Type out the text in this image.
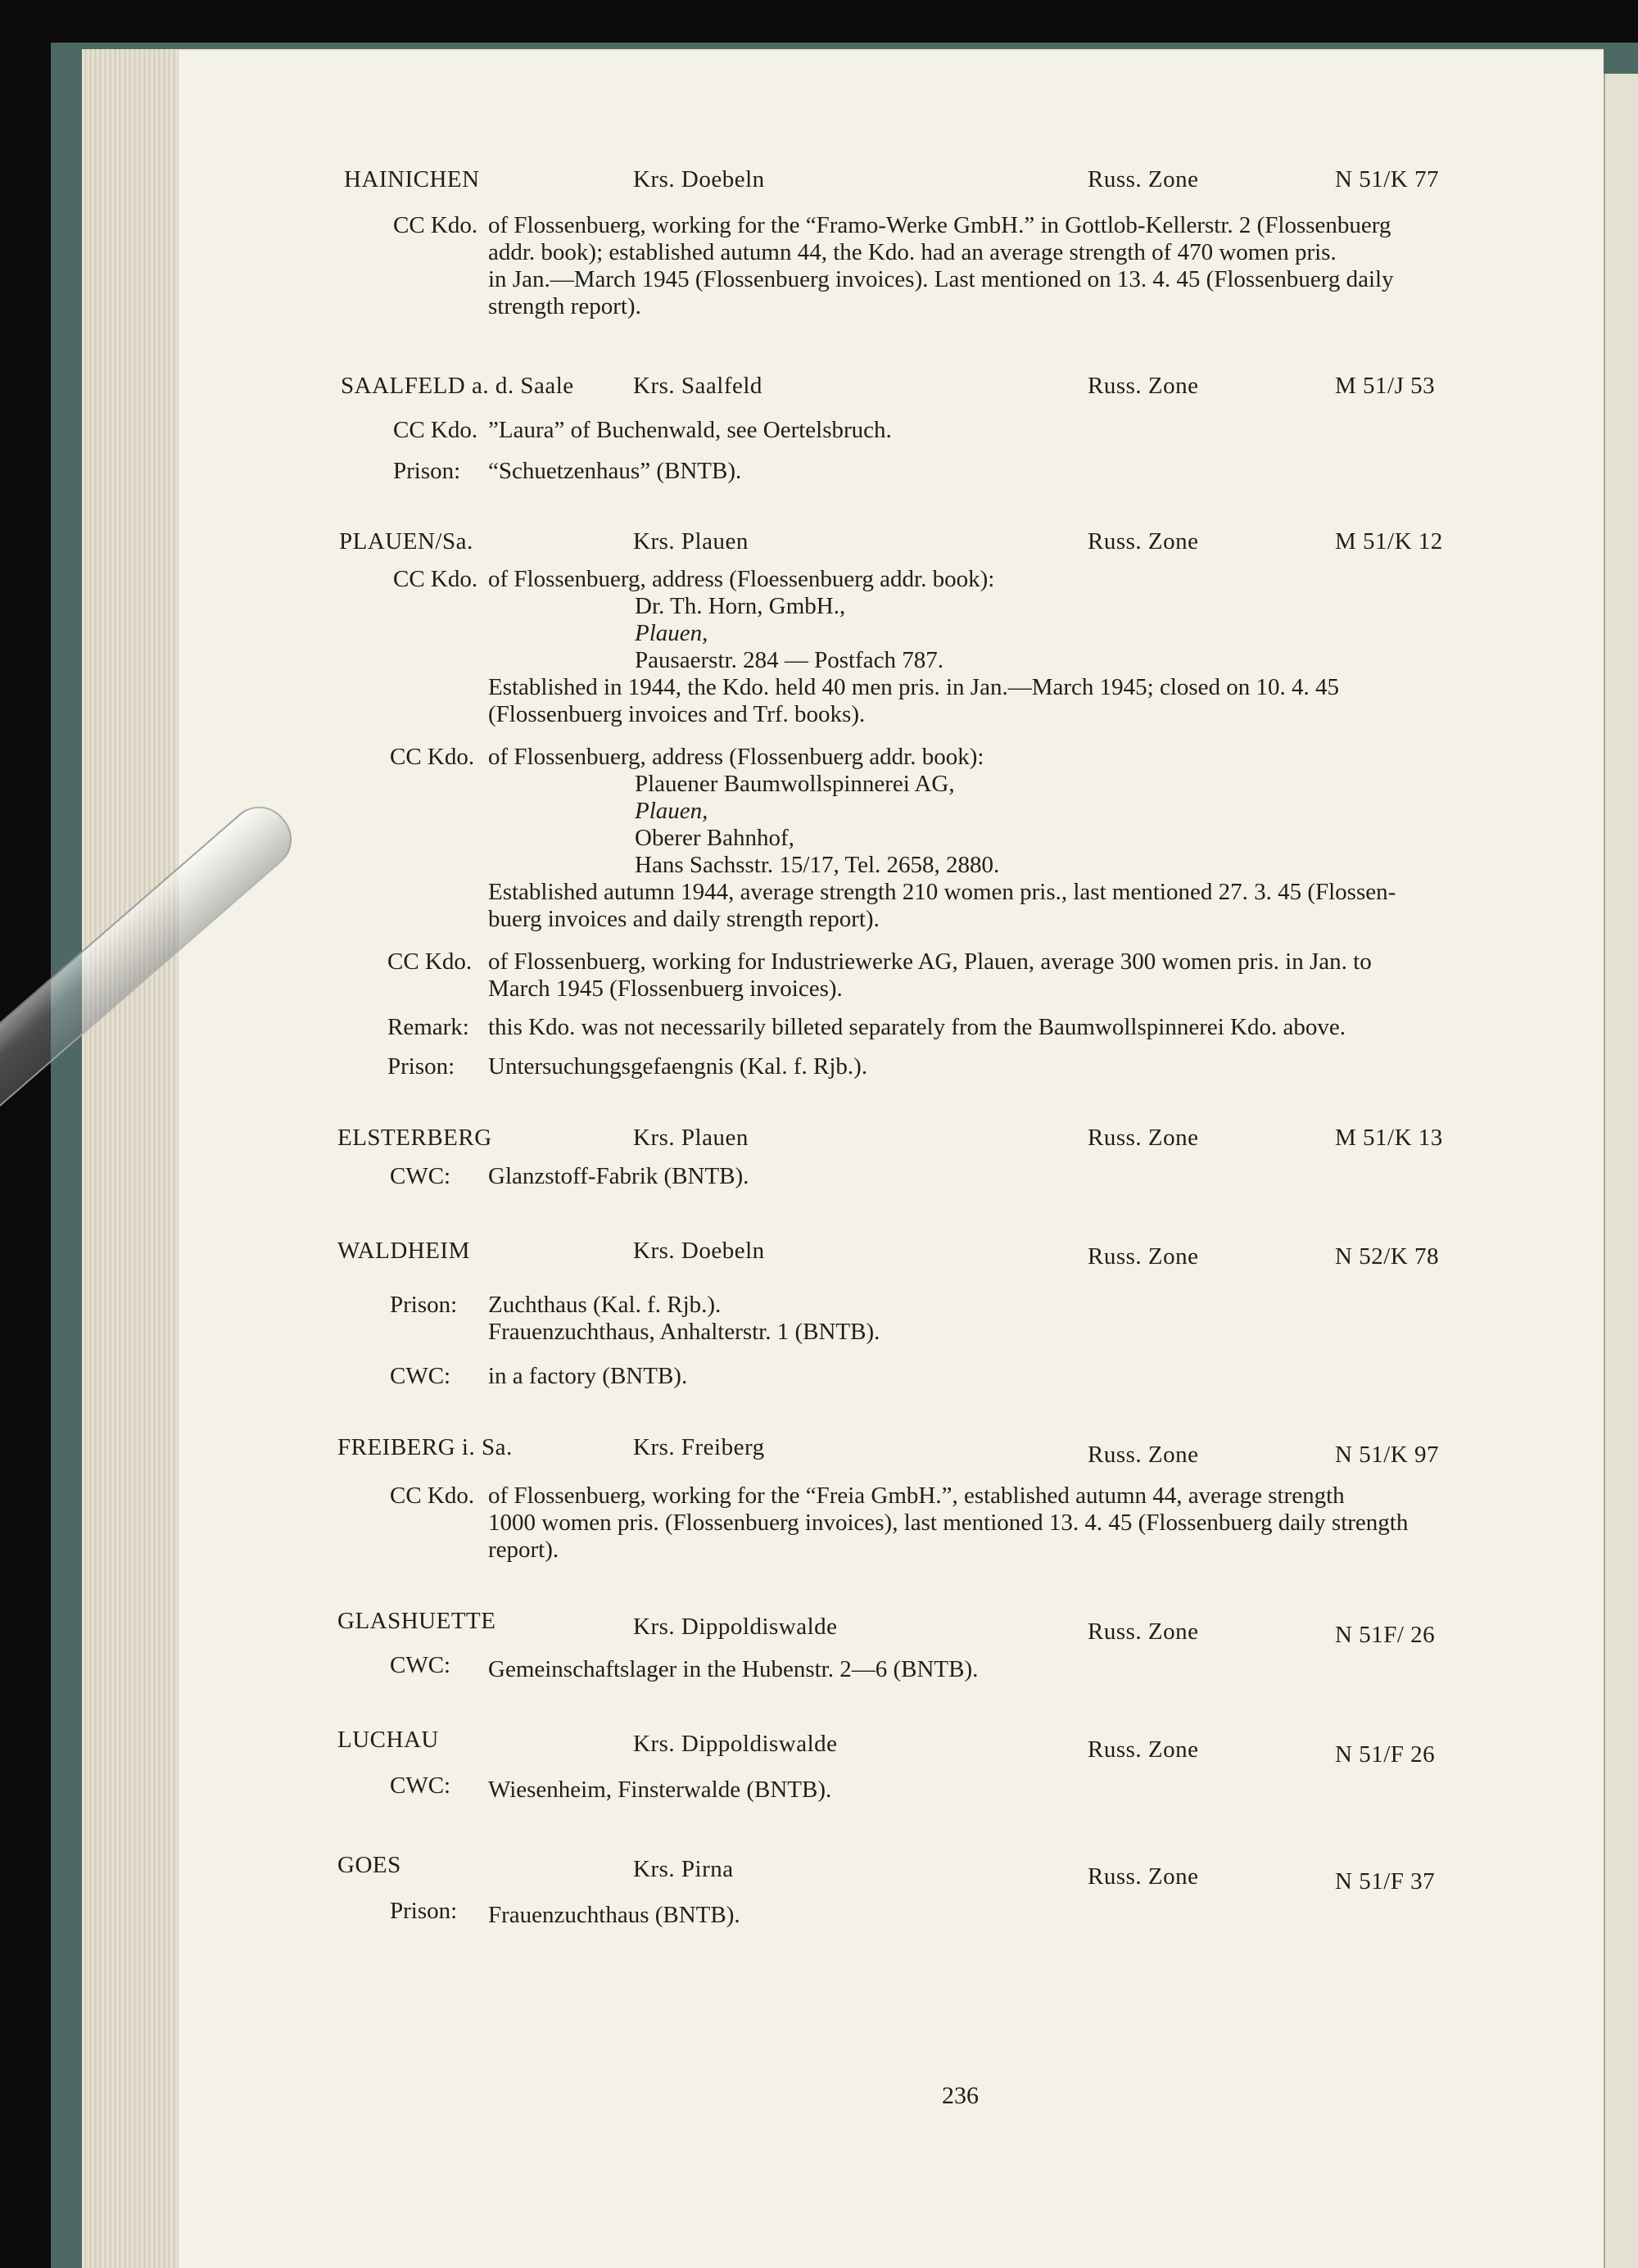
HAINICHEN	Krs. Doebeln	Russ. Zone	N 51/K 77
CC Kdo. of Flossenbuerg, working for the “Framo-Werke GmbH.” in Gottlob-Kellerstr. 2 (Flossenbuerg
addr. book); established autumn 44, the Kdo. had an average strength of 470 women pris.
in Jan.—March 1945 (Flossenbuerg invoices). Last mentioned on 13. 4. 45 (Flossenbuerg daily
strength report).
SAALFELD a. d. Saale Krs. Saalfeld	Russ. Zone	M 51/J 53
CC Kdo. ”Laura” of Buchenwald, see Oertelsbruch.
Prison: “Schuetzenhaus” (BNTB).
PLAUEN/Sa.	Krs. Plauen	Russ. Zone	M 51/K 12
CC Kdo. of Flossenbuerg, address (Floessenbuerg addr. book):
Dr. Th. Horn, GmbH.,
Plauen,
Pausaerstr. 284 — Postfach 787.
Established in 1944, the Kdo. held 40 men pris. in Jan.—March 1945; closed on 10. 4. 45
(Flossenbuerg invoices and Trf. books).
CC Kdo. of Flossenbuerg, address (Flossenbuerg addr. book):
Plauener Baumwollspinnerei AG,
Plauen,
Oberer Bahnhof,
Hans Sachsstr. 15/17, Tel. 2658, 2880.
Established autumn 1944, average strength 210 women pris., last mentioned 27. 3. 45 (Flossen-
buerg invoices and daily strength report).
CC Kdo. of Flossenbuerg, working for Industriewerke AG, Plauen, average 300 women pris. in Jan. to
March 1945 (Flossenbuerg invoices).
Remark: this Kdo. was not necessarily billeted separately from the Baumwollspinnerei Kdo. above.
Prison: Untersuchungsgefaengnis (Kal. f. Rjb.).
ELSTERBERG	Krs. Plauen	Russ. Zone	M 51/K 13
CWC: Glanzstoff-Fabrik (BNTB).
WALDHEIM	Krs. Doebeln	Russ. Zone	N 52/K 78
Prison: Zuchthaus (Kal. f. Rjb.).
Frauenzuchthaus, Anhalterstr. 1 (BNTB).
CWC: in a factory (BNTB).
FREIBERG i. Sa.	Krs. Freiberg	Russ. Zone	N 51/K 97
CC Kdo. of Flossenbuerg, working for the “Freia GmbH.”, established autumn 44, average strength
1000 women pris. (Flossenbuerg invoices), last mentioned 13. 4. 45 (Flossenbuerg daily strength
report).
GLASHUETTE	Krs. Dippoldiswalde	Russ. Zone	N 51F/ 26
CWC: Gemeinschaftslager in the Hubenstr. 2—6 (BNTB).
LUCHAU	Krs. Dippoldiswalde	Russ. Zone	N 51/F 26
CWC: Wiesenheim, Finsterwalde (BNTB).
GOES	Krs. Pirna	Russ. Zone	N 51/F 37
Prison: Frauenzuchthaus (BNTB).
236
